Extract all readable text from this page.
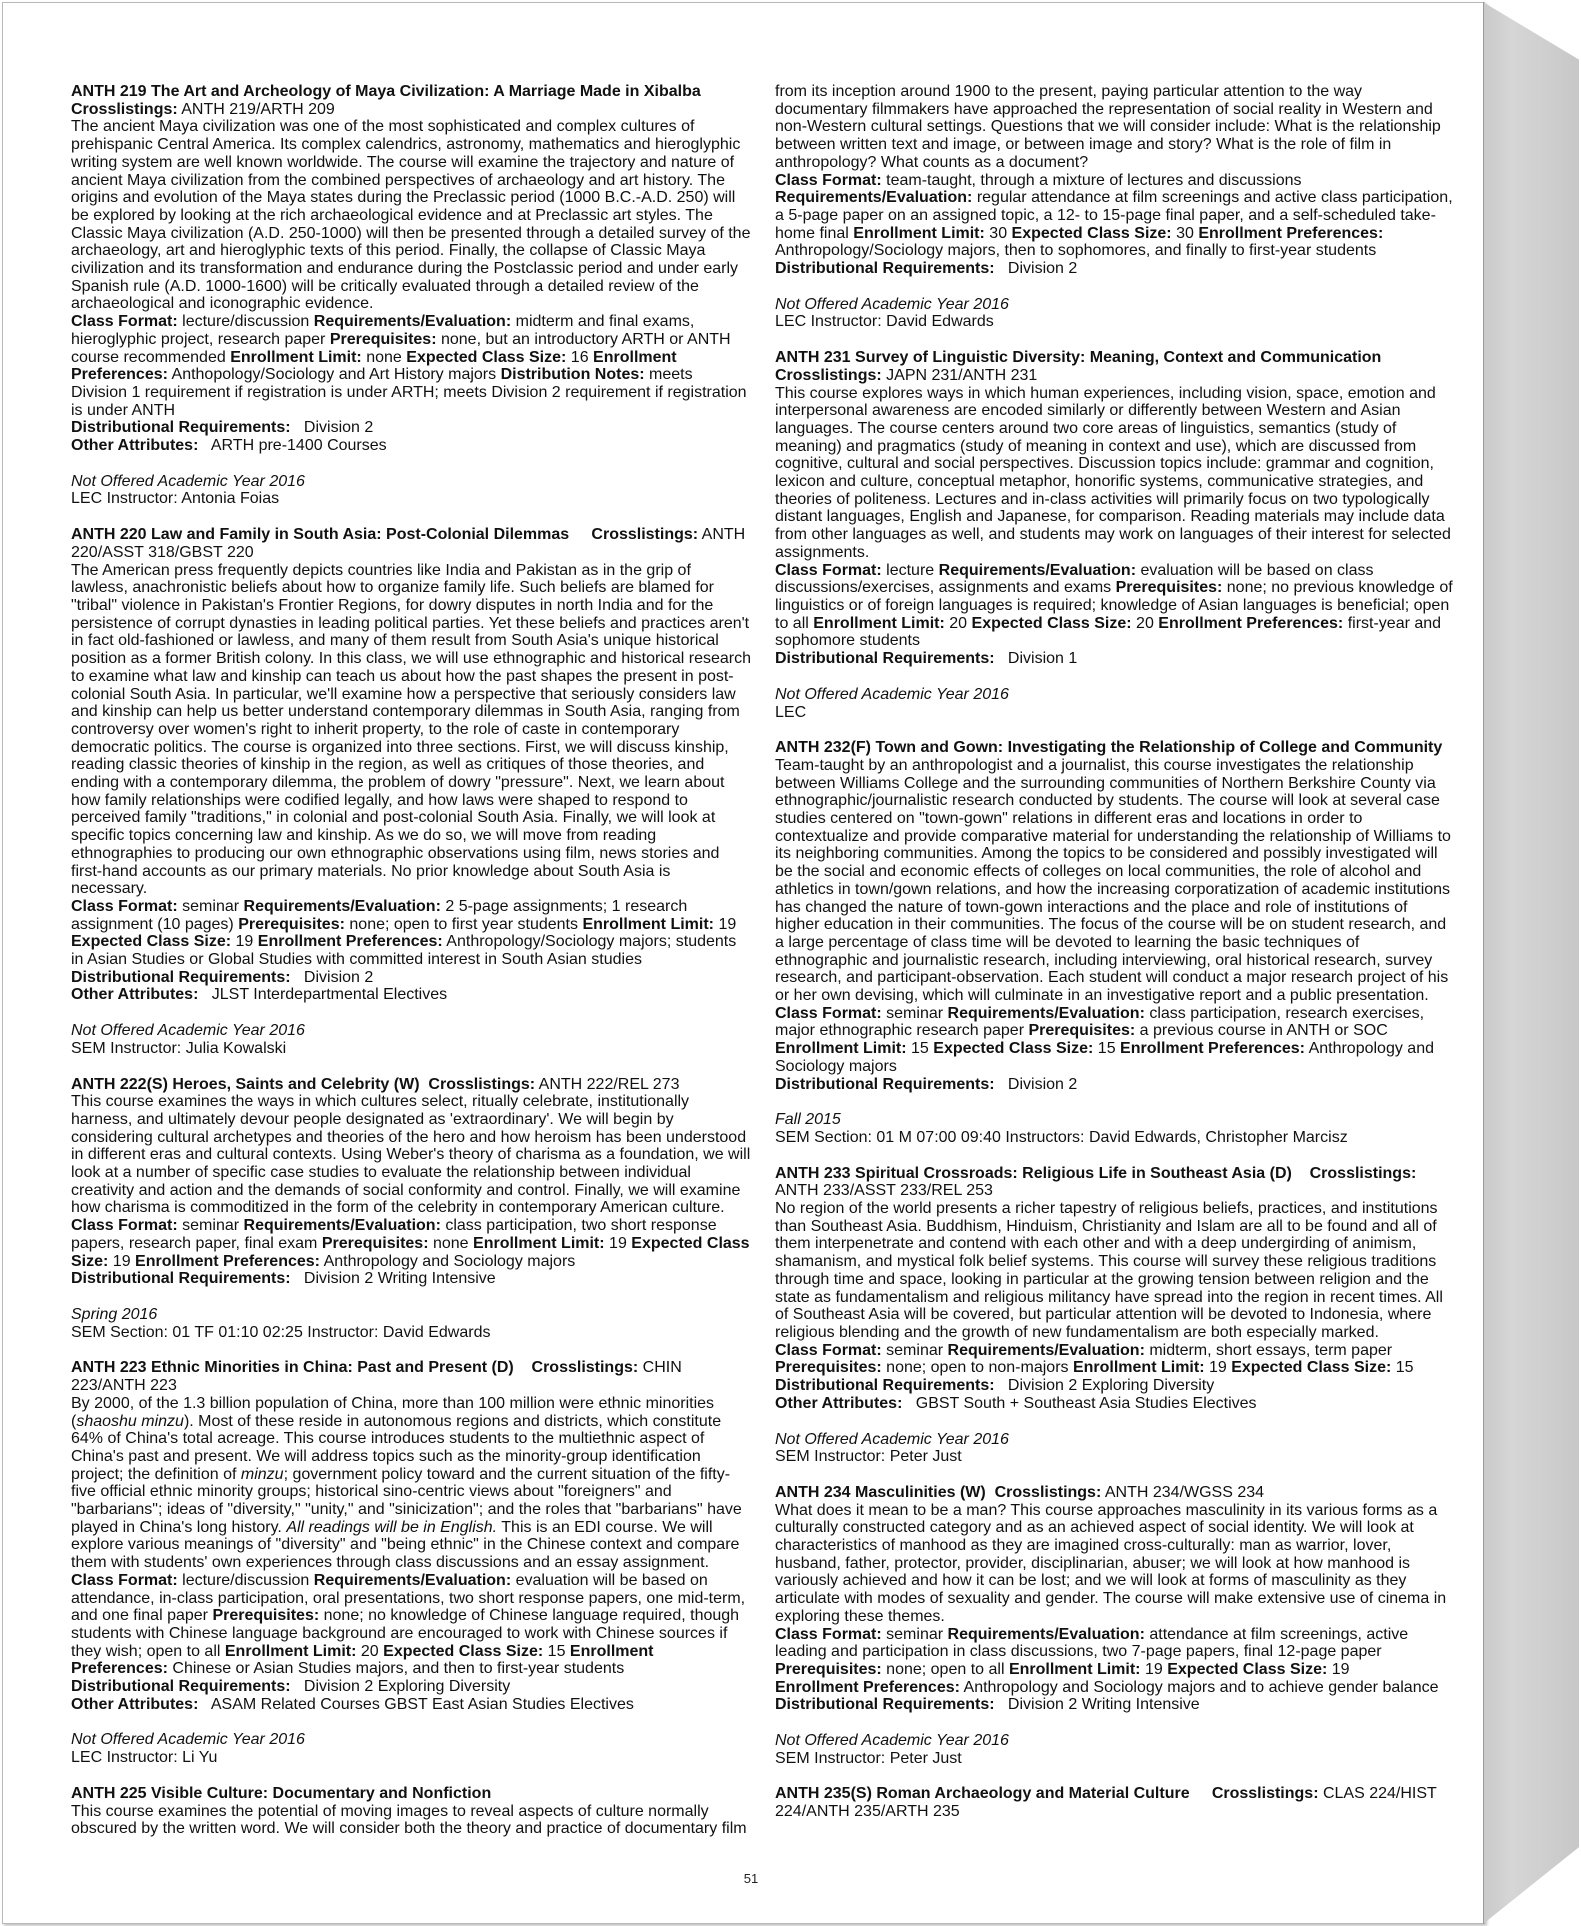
ANTH 219 The Art and Archeology of Maya Civilization: A Marriage Made in Xibalba
Crosslistings: ANTH 219/ARTH 209
The ancient Maya civilization was one of the most sophisticated and complex cultures of prehispanic Central America. Its complex calendrics, astronomy, mathematics and hieroglyphic writing system are well known worldwide. The course will examine the trajectory and nature of ancient Maya civilization from the combined perspectives of archaeology and art history. The origins and evolution of the Maya states during the Preclassic period (1000 B.C.-A.D. 250) will be explored by looking at the rich archaeological evidence and at Preclassic art styles. The Classic Maya civilization (A.D. 250-1000) will then be presented through a detailed survey of the archaeology, art and hieroglyphic texts of this period. Finally, the collapse of Classic Maya civilization and its transformation and endurance during the Postclassic period and under early Spanish rule (A.D. 1000-1600) will be critically evaluated through a detailed review of the archaeological and iconographic evidence.
Class Format: lecture/discussion Requirements/Evaluation: midterm and final exams, hieroglyphic project, research paper Prerequisites: none, but an introductory ARTH or ANTH course recommended Enrollment Limit: none Expected Class Size: 16 Enrollment Preferences: Anthopology/Sociology and Art History majors Distribution Notes: meets Division 1 requirement if registration is under ARTH; meets Division 2 requirement if registration is under ANTH
Distributional Requirements: Division 2
Other Attributes: ARTH pre-1400 Courses

Not Offered Academic Year 2016
LEC Instructor: Antonia Foias

ANTH 220 Law and Family in South Asia: Post-Colonial Dilemmas Crosslistings: ANTH 220/ASST 318/GBST 220
The American press frequently depicts countries like India and Pakistan as in the grip of lawless, anachronistic beliefs about how to organize family life. Such beliefs are blamed for "tribal" violence in Pakistan's Frontier Regions, for dowry disputes in north India and for the persistence of corrupt dynasties in leading political parties. Yet these beliefs and practices aren't in fact old-fashioned or lawless, and many of them result from South Asia's unique historical position as a former British colony. In this class, we will use ethnographic and historical research to examine what law and kinship can teach us about how the past shapes the present in post-colonial South Asia. In particular, we'll examine how a perspective that seriously considers law and kinship can help us better understand contemporary dilemmas in South Asia, ranging from controversy over women's right to inherit property, to the role of caste in contemporary democratic politics. The course is organized into three sections. First, we will discuss kinship, reading classic theories of kinship in the region, as well as critiques of those theories, and ending with a contemporary dilemma, the problem of dowry "pressure". Next, we learn about how family relationships were codified legally, and how laws were shaped to respond to perceived family "traditions," in colonial and post-colonial South Asia. Finally, we will look at specific topics concerning law and kinship. As we do so, we will move from reading ethnographies to producing our own ethnographic observations using film, news stories and first-hand accounts as our primary materials. No prior knowledge about South Asia is necessary.
Class Format: seminar Requirements/Evaluation: 2 5-page assignments; 1 research assignment (10 pages) Prerequisites: none; open to first year students Enrollment Limit: 19 Expected Class Size: 19 Enrollment Preferences: Anthropology/Sociology majors; students in Asian Studies or Global Studies with committed interest in South Asian studies
Distributional Requirements: Division 2
Other Attributes: JLST Interdepartmental Electives

Not Offered Academic Year 2016
SEM Instructor: Julia Kowalski

ANTH 222(S) Heroes, Saints and Celebrity (W) Crosslistings: ANTH 222/REL 273
This course examines the ways in which cultures select, ritually celebrate, institutionally harness, and ultimately devour people designated as 'extraordinary'. We will begin by considering cultural archetypes and theories of the hero and how heroism has been understood in different eras and cultural contexts. Using Weber's theory of charisma as a foundation, we will look at a number of specific case studies to evaluate the relationship between individual creativity and action and the demands of social conformity and control. Finally, we will examine how charisma is commoditized in the form of the celebrity in contemporary American culture.
Class Format: seminar Requirements/Evaluation: class participation, two short response papers, research paper, final exam Prerequisites: none Enrollment Limit: 19 Expected Class Size: 19 Enrollment Preferences: Anthropology and Sociology majors
Distributional Requirements: Division 2 Writing Intensive

Spring 2016
SEM Section: 01 TF 01:10 02:25 Instructor: David Edwards

ANTH 223 Ethnic Minorities in China: Past and Present (D) Crosslistings: CHIN 223/ANTH 223
By 2000, of the 1.3 billion population of China, more than 100 million were ethnic minorities (shaoshu minzu). Most of these reside in autonomous regions and districts, which constitute 64% of China's total acreage. This course introduces students to the multiethnic aspect of China's past and present. We will address topics such as the minority-group identification project; the definition of minzu; government policy toward and the current situation of the fifty-five official ethnic minority groups; historical sino-centric views about "foreigners" and "barbarians"; ideas of "diversity," "unity," and "sinicization"; and the roles that "barbarians" have played in China's long history. All readings will be in English. This is an EDI course. We will explore various meanings of "diversity" and "being ethnic" in the Chinese context and compare them with students' own experiences through class discussions and an essay assignment.
Class Format: lecture/discussion Requirements/Evaluation: evaluation will be based on attendance, in-class participation, oral presentations, two short response papers, one mid-term, and one final paper Prerequisites: none; no knowledge of Chinese language required, though students with Chinese language background are encouraged to work with Chinese sources if they wish; open to all Enrollment Limit: 20 Expected Class Size: 15 Enrollment Preferences: Chinese or Asian Studies majors, and then to first-year students
Distributional Requirements: Division 2 Exploring Diversity
Other Attributes: ASAM Related Courses GBST East Asian Studies Electives

Not Offered Academic Year 2016
LEC Instructor: Li Yu

ANTH 225 Visible Culture: Documentary and Nonfiction
This course examines the potential of moving images to reveal aspects of culture normally obscured by the written word. We will consider both the theory and practice of documentary film

from its inception around 1900 to the present, paying particular attention to the way documentary filmmakers have approached the representation of social reality in Western and non-Western cultural settings. Questions that we will consider include: What is the relationship between written text and image, or between image and story? What is the role of film in anthropology? What counts as a document?
Class Format: team-taught, through a mixture of lectures and discussions
Requirements/Evaluation: regular attendance at film screenings and active class participation, a 5-page paper on an assigned topic, a 12- to 15-page final paper, and a self-scheduled take-home final Enrollment Limit: 30 Expected Class Size: 30 Enrollment Preferences: Anthropology/Sociology majors, then to sophomores, and finally to first-year students
Distributional Requirements: Division 2

Not Offered Academic Year 2016
LEC Instructor: David Edwards

ANTH 231 Survey of Linguistic Diversity: Meaning, Context and Communication
Crosslistings: JAPN 231/ANTH 231
This course explores ways in which human experiences, including vision, space, emotion and interpersonal awareness are encoded similarly or differently between Western and Asian languages. The course centers around two core areas of linguistics, semantics (study of meaning) and pragmatics (study of meaning in context and use), which are discussed from cognitive, cultural and social perspectives. Discussion topics include: grammar and cognition, lexicon and culture, conceptual metaphor, honorific systems, communicative strategies, and theories of politeness. Lectures and in-class activities will primarily focus on two typologically distant languages, English and Japanese, for comparison. Reading materials may include data from other languages as well, and students may work on languages of their interest for selected assignments.
Class Format: lecture Requirements/Evaluation: evaluation will be based on class discussions/exercises, assignments and exams Prerequisites: none; no previous knowledge of linguistics or of foreign languages is required; knowledge of Asian languages is beneficial; open to all Enrollment Limit: 20 Expected Class Size: 20 Enrollment Preferences: first-year and sophomore students
Distributional Requirements: Division 1

Not Offered Academic Year 2016
LEC

ANTH 232(F) Town and Gown: Investigating the Relationship of College and Community
Team-taught by an anthropologist and a journalist, this course investigates the relationship between Williams College and the surrounding communities of Northern Berkshire County via ethnographic/journalistic research conducted by students. The course will look at several case studies centered on "town-gown" relations in different eras and locations in order to contextualize and provide comparative material for understanding the relationship of Williams to its neighboring communities. Among the topics to be considered and possibly investigated will be the social and economic effects of colleges on local communities, the role of alcohol and athletics in town/gown relations, and how the increasing corporatization of academic institutions has changed the nature of town-gown interactions and the place and role of institutions of higher education in their communities. The focus of the course will be on student research, and a large percentage of class time will be devoted to learning the basic techniques of ethnographic and journalistic research, including interviewing, oral historical research, survey research, and participant-observation. Each student will conduct a major research project of his or her own devising, which will culminate in an investigative report and a public presentation.
Class Format: seminar Requirements/Evaluation: class participation, research exercises, major ethnographic research paper Prerequisites: a previous course in ANTH or SOC
Enrollment Limit: 15 Expected Class Size: 15 Enrollment Preferences: Anthropology and Sociology majors
Distributional Requirements: Division 2

Fall 2015
SEM Section: 01 M 07:00 09:40 Instructors: David Edwards, Christopher Marcisz

ANTH 233 Spiritual Crossroads: Religious Life in Southeast Asia (D) Crosslistings: ANTH 233/ASST 233/REL 253
No region of the world presents a richer tapestry of religious beliefs, practices, and institutions than Southeast Asia. Buddhism, Hinduism, Christianity and Islam are all to be found and all of them interpenetrate and contend with each other and with a deep undergirding of animism, shamanism, and mystical folk belief systems. This course will survey these religious traditions through time and space, looking in particular at the growing tension between religion and the state as fundamentalism and religious militancy have spread into the region in recent times. All of Southeast Asia will be covered, but particular attention will be devoted to Indonesia, where religious blending and the growth of new fundamentalism are both especially marked.
Class Format: seminar Requirements/Evaluation: midterm, short essays, term paper
Prerequisites: none; open to non-majors Enrollment Limit: 19 Expected Class Size: 15
Distributional Requirements: Division 2 Exploring Diversity
Other Attributes: GBST South + Southeast Asia Studies Electives

Not Offered Academic Year 2016
SEM Instructor: Peter Just

ANTH 234 Masculinities (W) Crosslistings: ANTH 234/WGSS 234
What does it mean to be a man? This course approaches masculinity in its various forms as a culturally constructed category and as an achieved aspect of social identity. We will look at characteristics of manhood as they are imagined cross-culturally: man as warrior, lover, husband, father, protector, provider, disciplinarian, abuser; we will look at how manhood is variously achieved and how it can be lost; and we will look at forms of masculinity as they articulate with modes of sexuality and gender. The course will make extensive use of cinema in exploring these themes.
Class Format: seminar Requirements/Evaluation: attendance at film screenings, active leading and participation in class discussions, two 7-page papers, final 12-page paper
Prerequisites: none; open to all Enrollment Limit: 19 Expected Class Size: 19
Enrollment Preferences: Anthropology and Sociology majors and to achieve gender balance
Distributional Requirements: Division 2 Writing Intensive

Not Offered Academic Year 2016
SEM Instructor: Peter Just

ANTH 235(S) Roman Archaeology and Material Culture Crosslistings: CLAS 224/HIST 224/ANTH 235/ARTH 235

51
